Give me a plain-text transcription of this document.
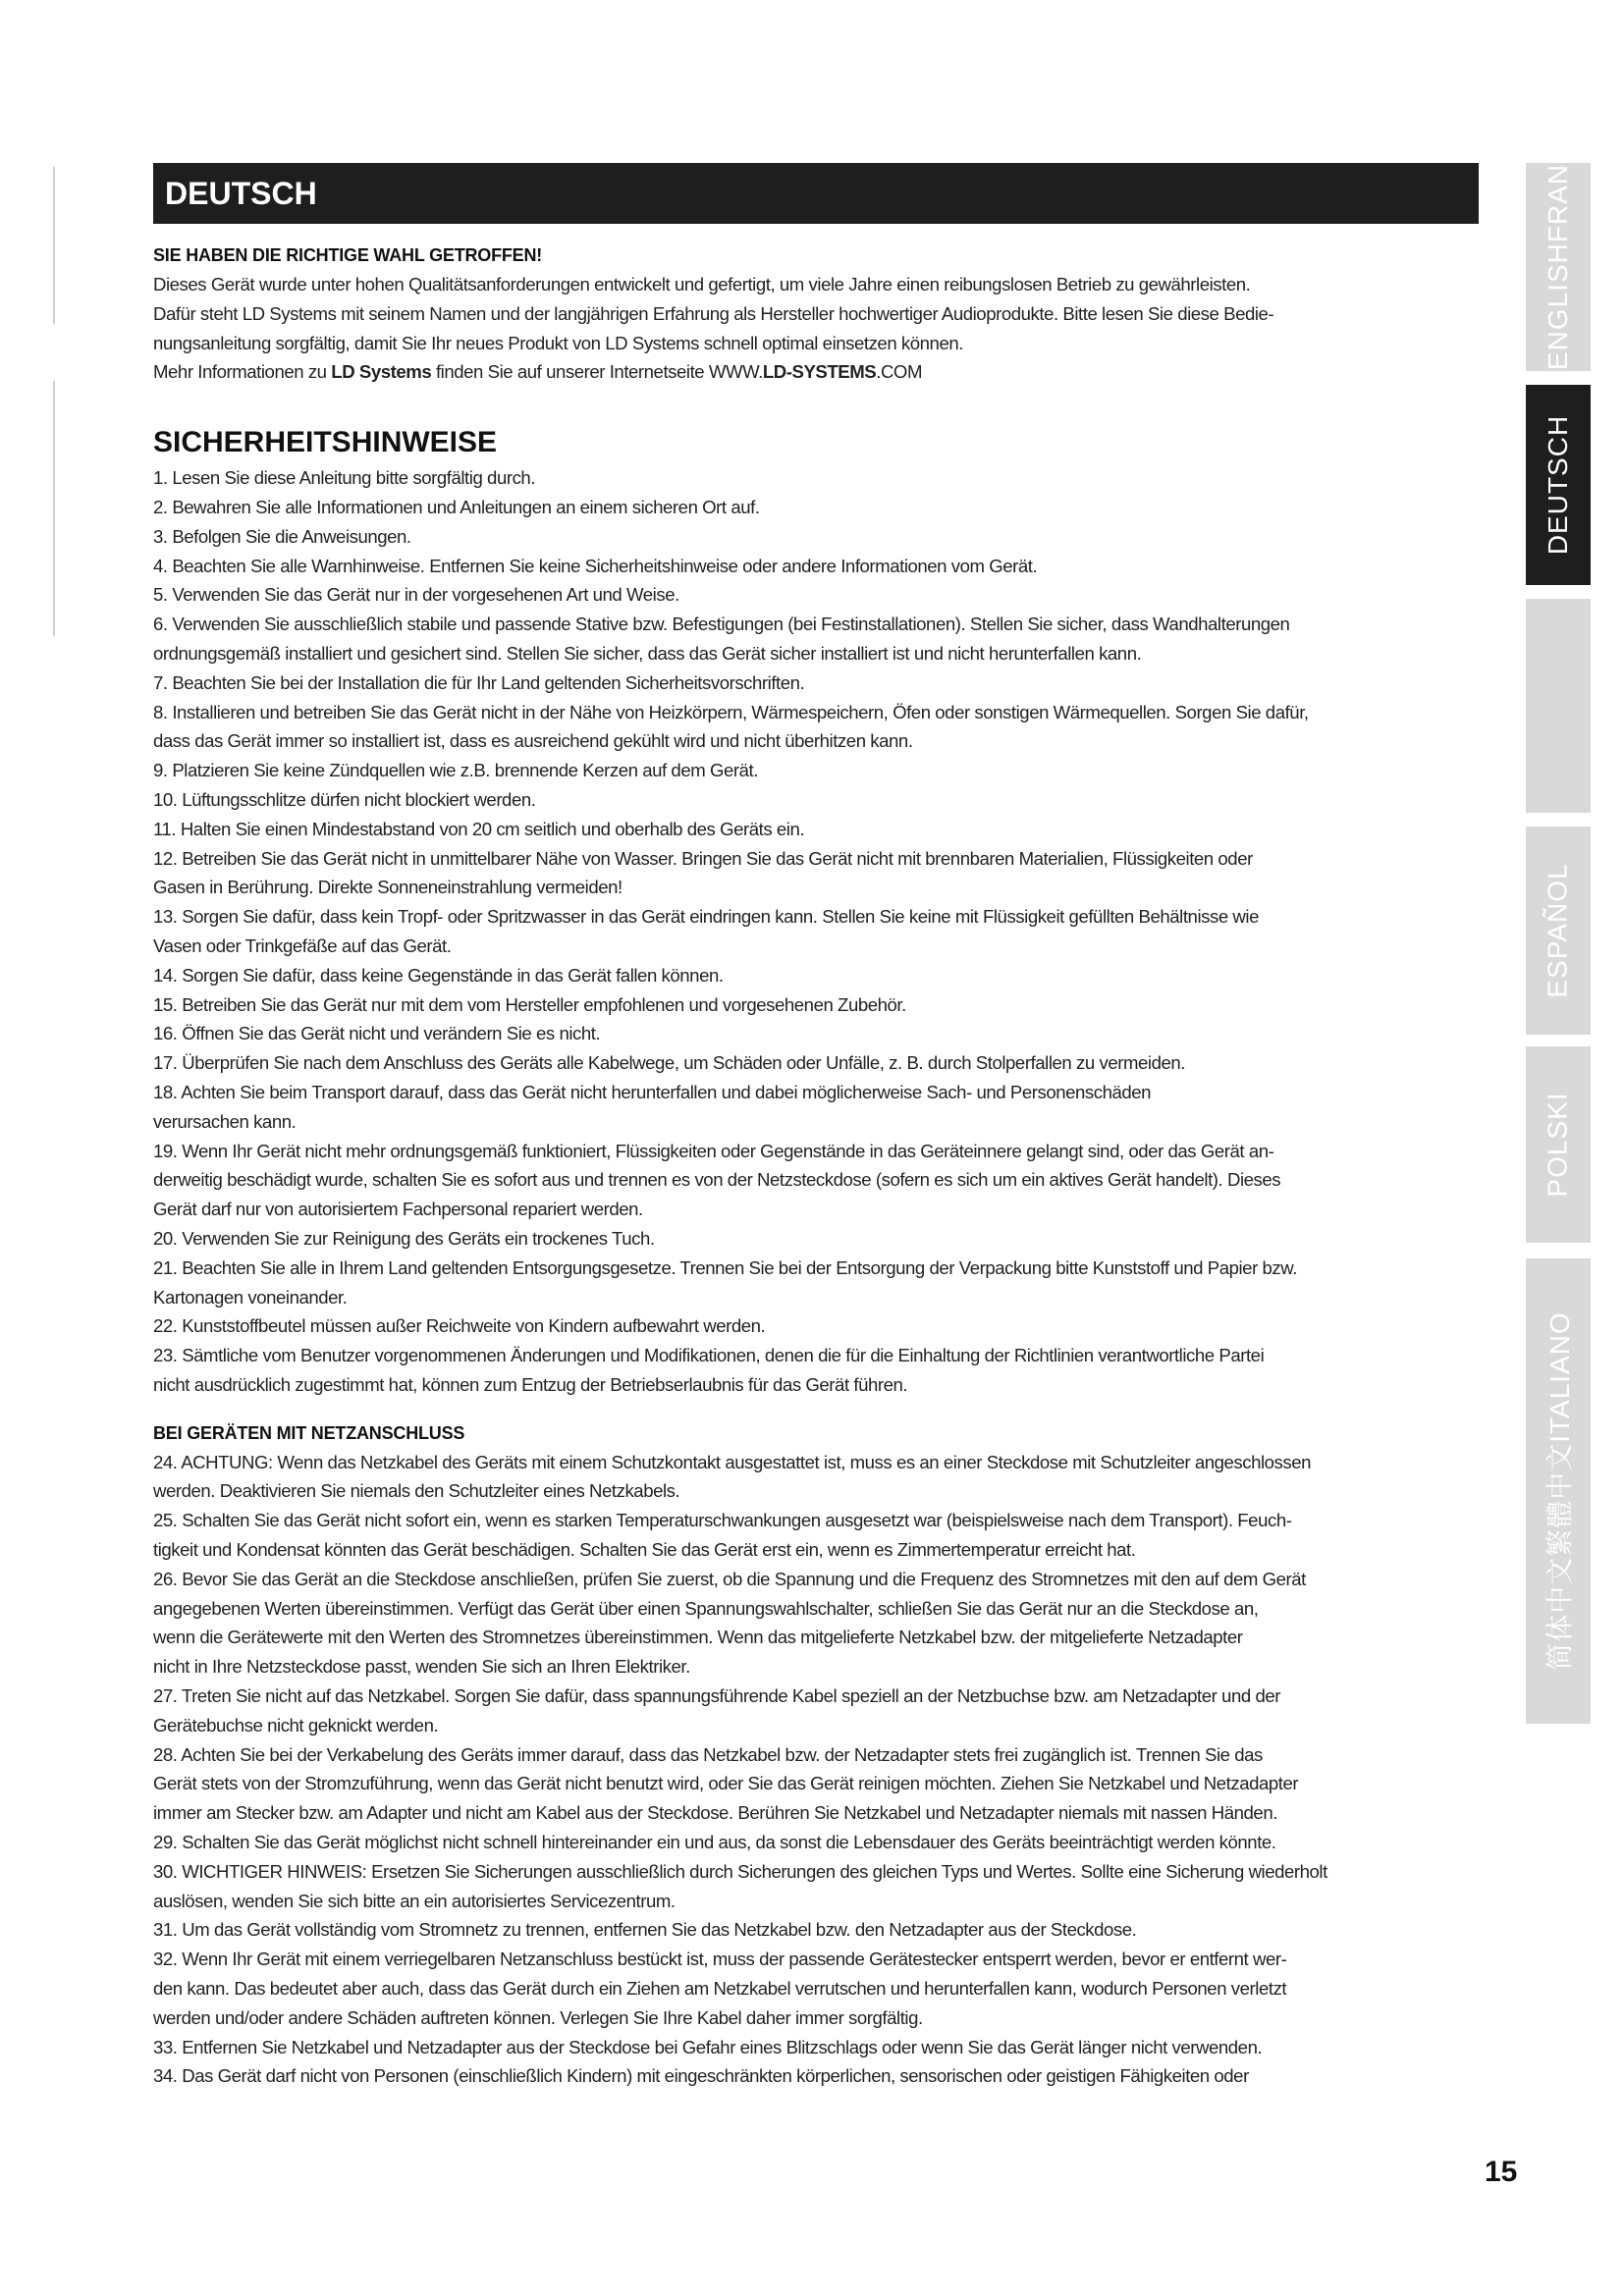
DEUTSCH
SIE HABEN DIE RICHTIGE WAHL GETROFFEN!

Dieses Gerät wurde unter hohen Qualitätsanforderungen entwickelt und gefertigt, um viele Jahre einen reibungslosen Betrieb zu gewährleisten.

Dafür steht LD Systems mit seinem Namen und der langjährigen Erfahrung als Hersteller hochwertiger Audioprodukte. Bitte lesen Sie diese Bedie-

nungsanleitung sorgfältig, damit Sie Ihr neues Produkt von LD Systems schnell optimal einsetzen können.

Mehr Informationen zu LD Systems finden Sie auf unserer Internetseite WWW.LD-SYSTEMS.COM

SICHERHEITSHINWEISE

1. Lesen Sie diese Anleitung bitte sorgfältig durch.

2. Bewahren Sie alle Informationen und Anleitungen an einem sicheren Ort auf.

3. Befolgen Sie die Anweisungen.

4. Beachten Sie alle Warnhinweise. Entfernen Sie keine Sicherheitshinweise oder andere Informationen vom Gerät.

5. Verwenden Sie das Gerät nur in der vorgesehenen Art und Weise.

6. Verwenden Sie ausschließlich stabile und passende Stative bzw. Befestigungen (bei Festinstallationen). Stellen Sie sicher, dass Wandhalterungen

ordnungsgemäß installiert und gesichert sind. Stellen Sie sicher, dass das Gerät sicher installiert ist und nicht herunterfallen kann.

7. Beachten Sie bei der Installation die für Ihr Land geltenden Sicherheitsvorschriften.

8. Installieren und betreiben Sie das Gerät nicht in der Nähe von Heizkörpern, Wärmespeichern, Öfen oder sonstigen Wärmequellen. Sorgen Sie dafür,

dass das Gerät immer so installiert ist, dass es ausreichend gekühlt wird und nicht überhitzen kann.

9. Platzieren Sie keine Zündquellen wie z.B. brennende Kerzen auf dem Gerät.

10. Lüftungsschlitze dürfen nicht blockiert werden.

11. Halten Sie einen Mindestabstand von 20 cm seitlich und oberhalb des Geräts ein.

12. Betreiben Sie das Gerät nicht in unmittelbarer Nähe von Wasser. Bringen Sie das Gerät nicht mit brennbaren Materialien, Flüssigkeiten oder

Gasen in Berührung. Direkte Sonneneinstrahlung vermeiden!

13. Sorgen Sie dafür, dass kein Tropf- oder Spritzwasser in das Gerät eindringen kann. Stellen Sie keine mit Flüssigkeit gefüllten Behältnisse wie

Vasen oder Trinkgefäße auf das Gerät.

14. Sorgen Sie dafür, dass keine Gegenstände in das Gerät fallen können.

15. Betreiben Sie das Gerät nur mit dem vom Hersteller empfohlenen und vorgesehenen Zubehör.

16. Öffnen Sie das Gerät nicht und verändern Sie es nicht.

17. Überprüfen Sie nach dem Anschluss des Geräts alle Kabelwege, um Schäden oder Unfälle, z. B. durch Stolperfallen zu vermeiden.

18. Achten Sie beim Transport darauf, dass das Gerät nicht herunterfallen und dabei möglicherweise Sach- und Personenschäden

verursachen kann.

19. Wenn Ihr Gerät nicht mehr ordnungsgemäß funktioniert, Flüssigkeiten oder Gegenstände in das Geräteinnere gelangt sind, oder das Gerät an-

derweitig beschädigt wurde, schalten Sie es sofort aus und trennen es von der Netzsteckdose (sofern es sich um ein aktives Gerät handelt). Dieses

Gerät darf nur von autorisiertem Fachpersonal repariert werden.

20. Verwenden Sie zur Reinigung des Geräts ein trockenes Tuch.

21. Beachten Sie alle in Ihrem Land geltenden Entsorgungsgesetze. Trennen Sie bei der Entsorgung der Verpackung bitte Kunststoff und Papier bzw.

Kartonagen voneinander.

22. Kunststoffbeutel müssen außer Reichweite von Kindern aufbewahrt werden.

23. Sämtliche vom Benutzer vorgenommenen Änderungen und Modifikationen, denen die für die Einhaltung der Richtlinien verantwortliche Partei

nicht ausdrücklich zugestimmt hat, können zum Entzug der Betriebserlaubnis für das Gerät führen.

BEI GERÄTEN MIT NETZANSCHLUSS

24. ACHTUNG: Wenn das Netzkabel des Geräts mit einem Schutzkontakt ausgestattet ist, muss es an einer Steckdose mit Schutzleiter angeschlossen

werden. Deaktivieren Sie niemals den Schutzleiter eines Netzkabels.

25. Schalten Sie das Gerät nicht sofort ein, wenn es starken Temperaturschwankungen ausgesetzt war (beispielsweise nach dem Transport). Feuch-

tigkeit und Kondensat könnten das Gerät beschädigen. Schalten Sie das Gerät erst ein, wenn es Zimmertemperatur erreicht hat.

26. Bevor Sie das Gerät an die Steckdose anschließen, prüfen Sie zuerst, ob die Spannung und die Frequenz des Stromnetzes mit den auf dem Gerät

angegebenen Werten übereinstimmen. Verfügt das Gerät über einen Spannungswahlschalter, schließen Sie das Gerät nur an die Steckdose an,

wenn die Gerätewerte mit den Werten des Stromnetzes übereinstimmen. Wenn das mitgelieferte Netzkabel bzw. der mitgelieferte Netzadapter

nicht in Ihre Netzsteckdose passt, wenden Sie sich an Ihren Elektriker.

27. Treten Sie nicht auf das Netzkabel. Sorgen Sie dafür, dass spannungsführende Kabel speziell an der Netzbuchse bzw. am Netzadapter und der

Gerätebuchse nicht geknickt werden.

28. Achten Sie bei der Verkabelung des Geräts immer darauf, dass das Netzkabel bzw. der Netzadapter stets frei zugänglich ist. Trennen Sie das

Gerät stets von der Stromzuführung, wenn das Gerät nicht benutzt wird, oder Sie das Gerät reinigen möchten. Ziehen Sie Netzkabel und Netzadapter

immer am Stecker bzw. am Adapter und nicht am Kabel aus der Steckdose. Berühren Sie Netzkabel und Netzadapter niemals mit nassen Händen.

29. Schalten Sie das Gerät möglichst nicht schnell hintereinander ein und aus, da sonst die Lebensdauer des Geräts beeinträchtigt werden könnte.

30. WICHTIGER HINWEIS: Ersetzen Sie Sicherungen ausschließlich durch Sicherungen des gleichen Typs und Wertes. Sollte eine Sicherung wiederholt

auslösen, wenden Sie sich bitte an ein autorisiertes Servicezentrum.

31. Um das Gerät vollständig vom Stromnetz zu trennen, entfernen Sie das Netzkabel bzw. den Netzadapter aus der Steckdose.

32. Wenn Ihr Gerät mit einem verriegelbaren Netzanschluss bestückt ist, muss der passende Gerätestecker entsperrt werden, bevor er entfernt wer-

den kann. Das bedeutet aber auch, dass das Gerät durch ein Ziehen am Netzkabel verrutschen und herunterfallen kann, wodurch Personen verletzt

werden und/oder andere Schäden auftreten können. Verlegen Sie Ihre Kabel daher immer sorgfältig.

33. Entfernen Sie Netzkabel und Netzadapter aus der Steckdose bei Gefahr eines Blitzschlags oder wenn Sie das Gerät länger nicht verwenden.

34. Das Gerät darf nicht von Personen (einschließlich Kindern) mit eingeschränkten körperlichen, sensorischen oder geistigen Fähigkeiten oder

ENGLISHFRAN
DEUTSCH
ESPAÑOL
POLSKI
简体中文繁體中文ITALIANO
15
